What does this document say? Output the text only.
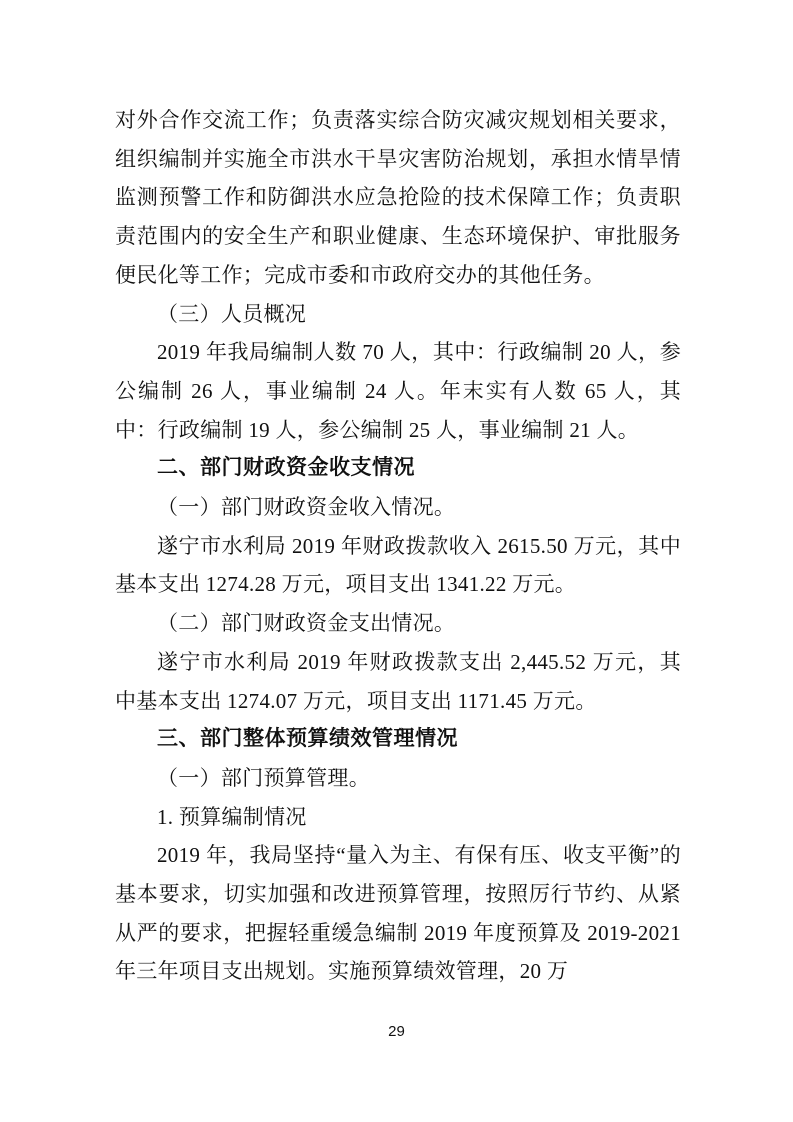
对外合作交流工作；负责落实综合防灾减灾规划相关要求，组织编制并实施全市洪水干旱灾害防治规划，承担水情旱情监测预警工作和防御洪水应急抢险的技术保障工作；负责职责范围内的安全生产和职业健康、生态环境保护、审批服务便民化等工作；完成市委和市政府交办的其他任务。

（三）人员概况

2019 年我局编制人数 70 人，其中：行政编制 20 人，参公编制 26 人，事业编制 24 人。年末实有人数 65 人，其中：行政编制 19 人，参公编制 25 人，事业编制 21 人。

二、部门财政资金收支情况

（一）部门财政资金收入情况。

遂宁市水利局 2019 年财政拨款收入 2615.50 万元，其中基本支出 1274.28 万元，项目支出 1341.22 万元。

（二）部门财政资金支出情况。

遂宁市水利局 2019 年财政拨款支出 2,445.52 万元，其中基本支出 1274.07 万元，项目支出 1171.45 万元。

三、部门整体预算绩效管理情况

（一）部门预算管理。

1. 预算编制情况

2019 年，我局坚持“量入为主、有保有压、收支平衡”的基本要求，切实加强和改进预算管理，按照厉行节约、从紧从严的要求，把握轻重缓急编制 2019 年度预算及 2019-2021 年三年项目支出规划。实施预算绩效管理，20 万

29
